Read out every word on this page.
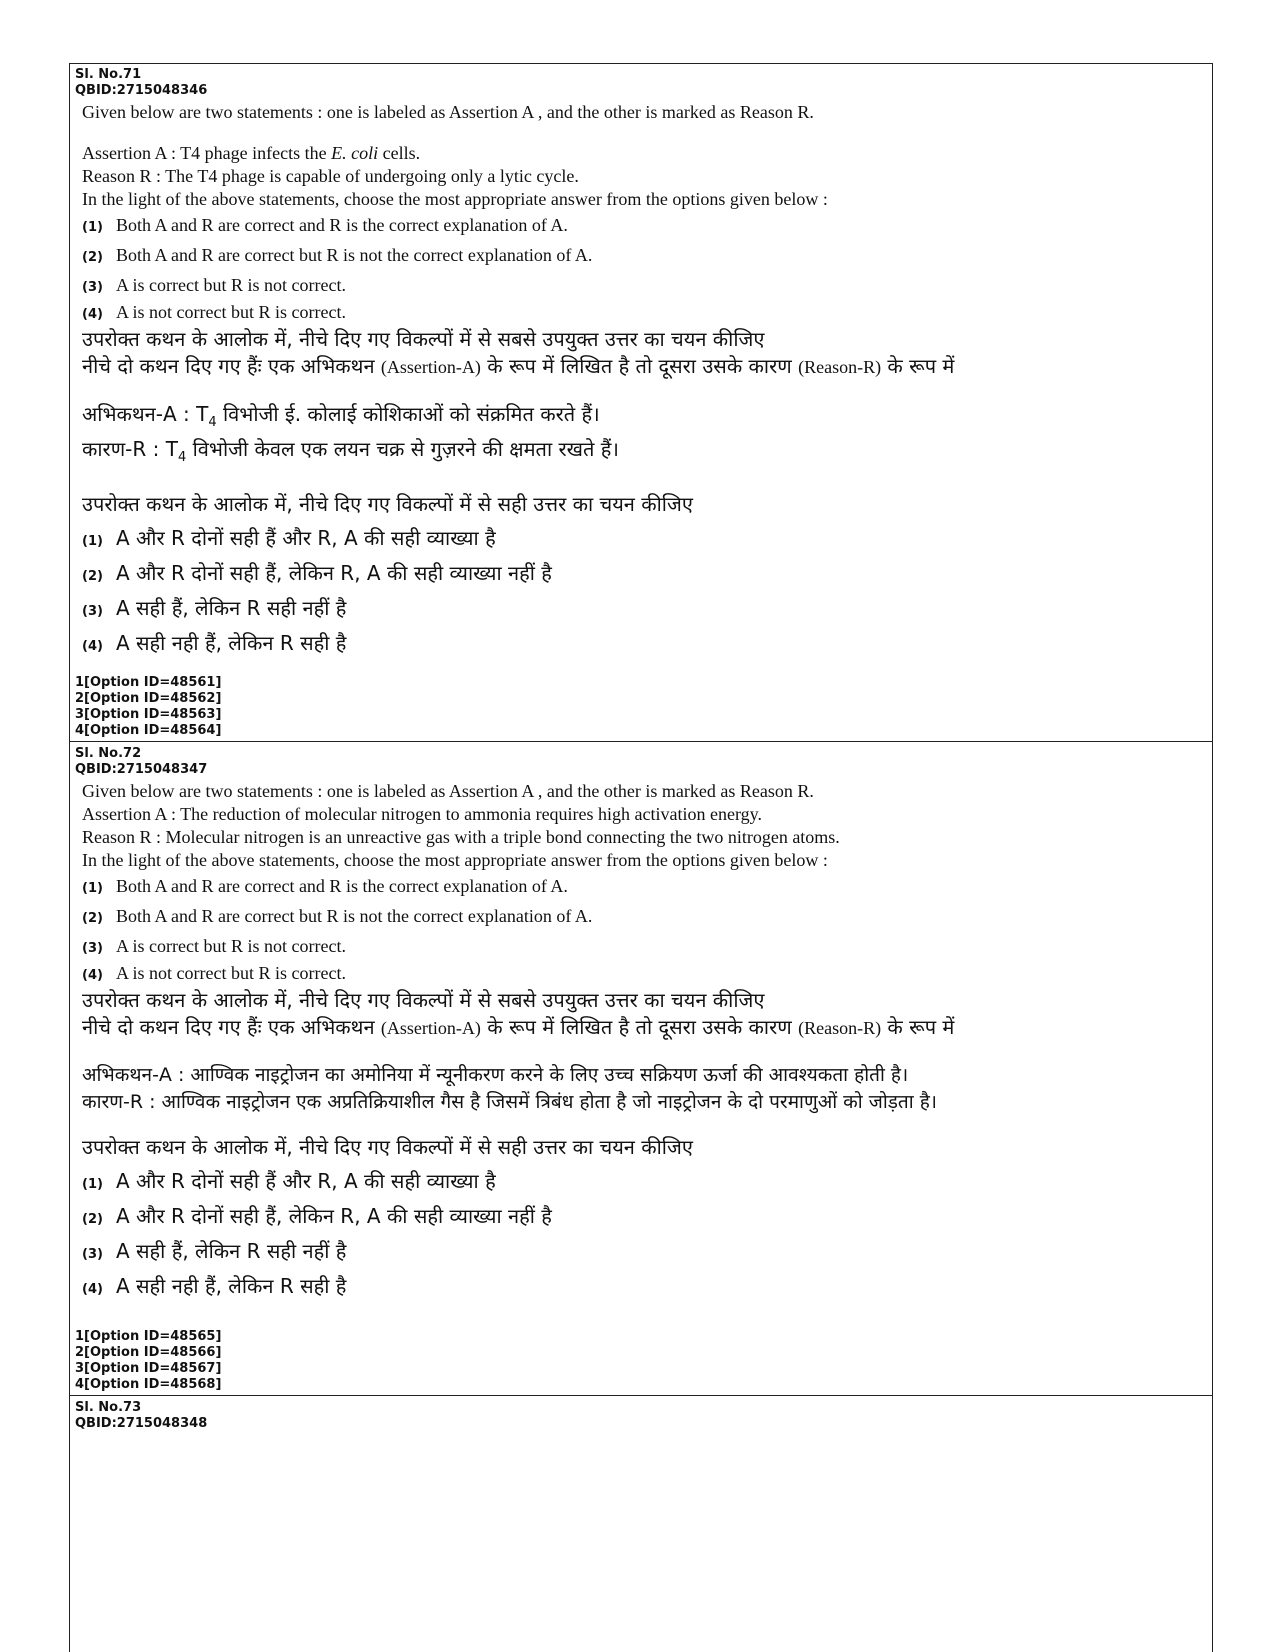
Sl. No.71

QBID:2715048346

Given below are two statements : one is labeled as Assertion A , and the other is marked as Reason R.

Assertion A : T4 phage infects the E. coli cells.

Reason R : The T4 phage is capable of undergoing only a lytic cycle.

In the light of the above statements, choose the most appropriate answer from the options given below :

(1) Both A and R are correct and R is the correct explanation of A.
(2) Both A and R are correct but R is not the correct explanation of A.
(3) A is correct but R is not correct.
(4) A is not correct but R is correct.

उपरोक्त कथन के आलोक में, नीचे दिए गए विकल्पों में से सबसे उपयुक्त उत्तर का चयन कीजिए

नीचे दो कथन दिए गए हैंः एक अभिकथन (Assertion-A) के रूप में लिखित है तो दूसरा उसके कारण (Reason-R) के रूप में

अभिकथन-A : $T_4$ विभोजी ई. कोलाई कोशिकाओं को संक्रमित करते हैं।

कारण-R : $T_4$ विभोजी केवल एक लयन चक्र से गुज़रने की क्षमता रखते हैं।

उपरोक्त कथन के आलोक में, नीचे दिए गए विकल्पों में से सही उत्तर का चयन कीजिए

(1) A और R दोनों सही हैं और R, A की सही व्याख्या है
(2) A और R दोनों सही हैं, लेकिन R, A की सही व्याख्या नहीं है
(3) A सही हैं, लेकिन R सही नहीं है
(4) A सही नही हैं, लेकिन R सही है

1[Option ID=48561]

2[Option ID=48562]

3[Option ID=48563]

4[Option ID=48564]

Sl. No.72

QBID:2715048347

Given below are two statements : one is labeled as Assertion A , and the other is marked as Reason R.

Assertion A : The reduction of molecular nitrogen to ammonia requires high activation energy.

Reason R : Molecular nitrogen is an unreactive gas with a triple bond connecting the two nitrogen atoms.

In the light of the above statements, choose the most appropriate answer from the options given below :

(1) Both A and R are correct and R is the correct explanation of A.
(2) Both A and R are correct but R is not the correct explanation of A.
(3) A is correct but R is not correct.
(4) A is not correct but R is correct.

उपरोक्त कथन के आलोक में, नीचे दिए गए विकल्पों में से सबसे उपयुक्त उत्तर का चयन कीजिए

नीचे दो कथन दिए गए हैंः एक अभिकथन (Assertion-A) के रूप में लिखित है तो दूसरा उसके कारण (Reason-R) के रूप में

अभिकथन-A : आण्विक नाइट्रोजन का अमोनिया में न्यूनीकरण करने के लिए उच्च सक्रियण ऊर्जा की आवश्यकता होती है।

कारण-R : आण्विक नाइट्रोजन एक अप्रतिक्रियाशील गैस है जिसमें त्रिबंध होता है जो नाइट्रोजन के दो परमाणुओं को जोड़ता है।

उपरोक्त कथन के आलोक में, नीचे दिए गए विकल्पों में से सही उत्तर का चयन कीजिए

(1) A और R दोनों सही हैं और R, A की सही व्याख्या है
(2) A और R दोनों सही हैं, लेकिन R, A की सही व्याख्या नहीं है
(3) A सही हैं, लेकिन R सही नहीं है
(4) A सही नही हैं, लेकिन R सही है

1[Option ID=48565]

2[Option ID=48566]

3[Option ID=48567]

4[Option ID=48568]

Sl. No.73

QBID:2715048348
